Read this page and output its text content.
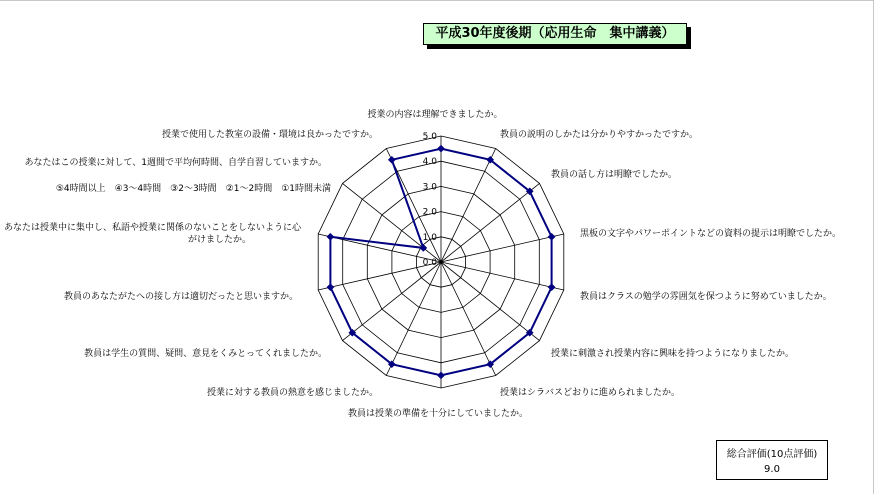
平成30年度後期（応用生命　集中講義）
0.0
1.0
2.0
3.0
4.0
5.0
授業の内容は理解できましたか。
教員の説明のしかたは分かりやすかったですか。
教員の話し方は明瞭でしたか。
黒板の文字やパワーポイントなどの資料の提示は明瞭でしたか。
教員はクラスの勉学の雰囲気を保つように努めていましたか。
授業に刺激され授業内容に興味を持つようになりましたか。
授業はシラバスどおりに進められましたか。
教員は授業の準備を十分にしていましたか。
授業に対する教員の熱意を感じましたか。
教員は学生の質問、疑問、意見をくみとってくれましたか。
教員のあなたがたへの接し方は適切だったと思いますか。
あなたは授業中に集中し、私語や授業に関係のないことをしないように心がけましたか。
あなたはこの授業に対して、1週間で平均何時間、自学自習していますか。
授業で使用した教室の設備・環境は良かったですか。
⑤4時間以上　④3～4時間　③2～3時間　②1～2時間　①1時間未満
総合評価(10点評価)
9.0
